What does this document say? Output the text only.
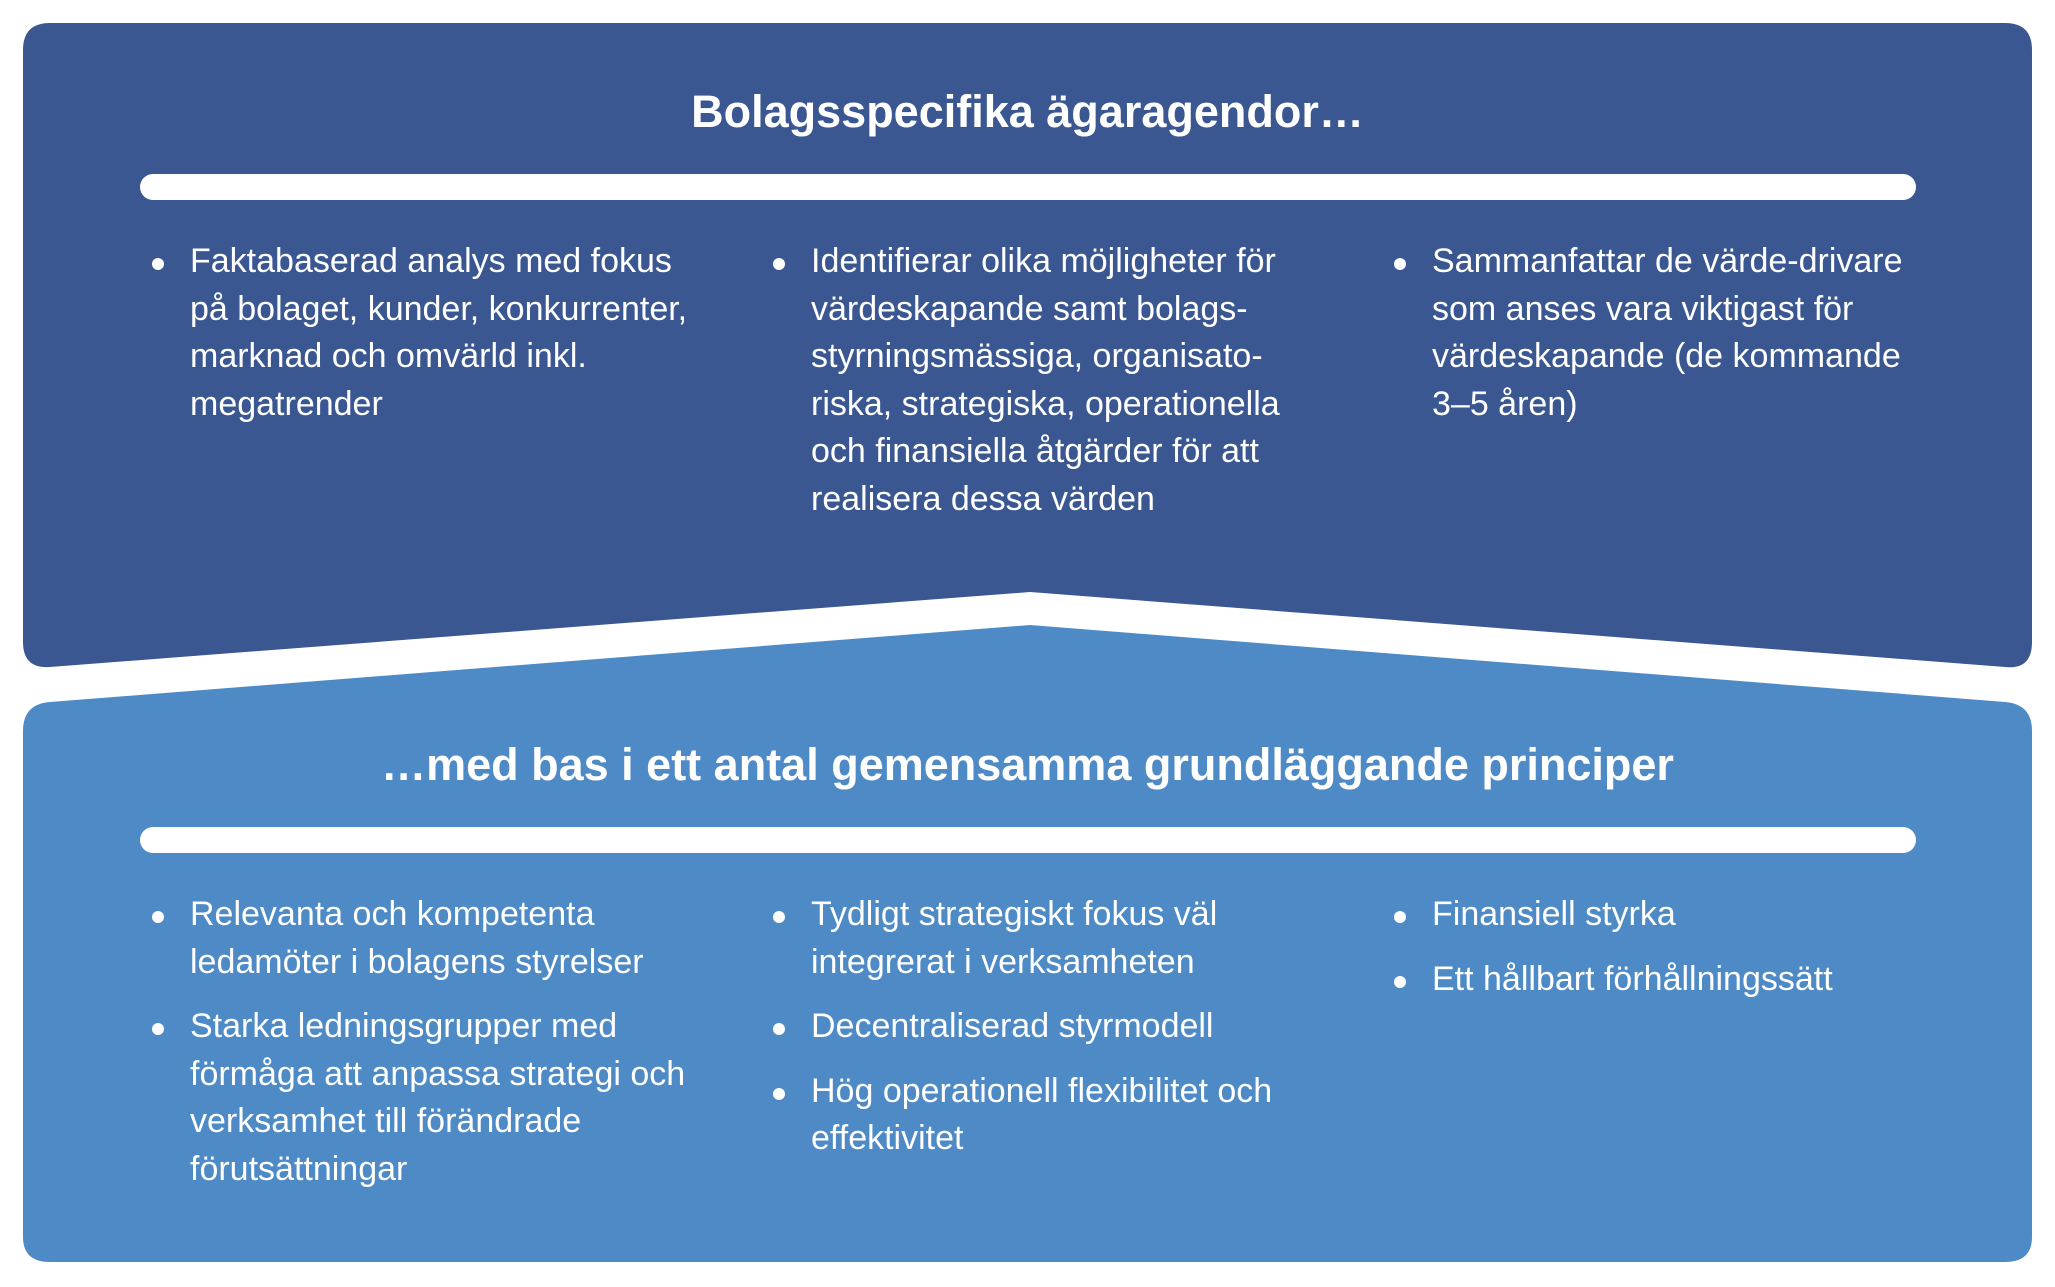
Bolagsspecifika ägaragendor…
Faktabaserad analys med fokus på bolaget, kunder, konkurrenter, marknad och omvärld inkl. megatrender
Identifierar olika möjligheter för värdeskapande samt bolags-styrningsmässiga, organisato-riska, strategiska, operationella och finansiella åtgärder för att realisera dessa värden
Sammanfattar de värde-drivare som anses vara viktigast för värdeskapande (de kommande 3–5 åren)
…med bas i ett antal gemensamma grundläggande principer
Relevanta och kompetenta ledamöter i bolagens styrelser
Starka ledningsgrupper med förmåga att anpassa strategi och verksamhet till förändrade förutsättningar
Tydligt strategiskt fokus väl integrerat i verksamheten
Decentraliserad styrmodell
Hög operationell flexibilitet och effektivitet
Finansiell styrka
Ett hållbart förhållningssätt
